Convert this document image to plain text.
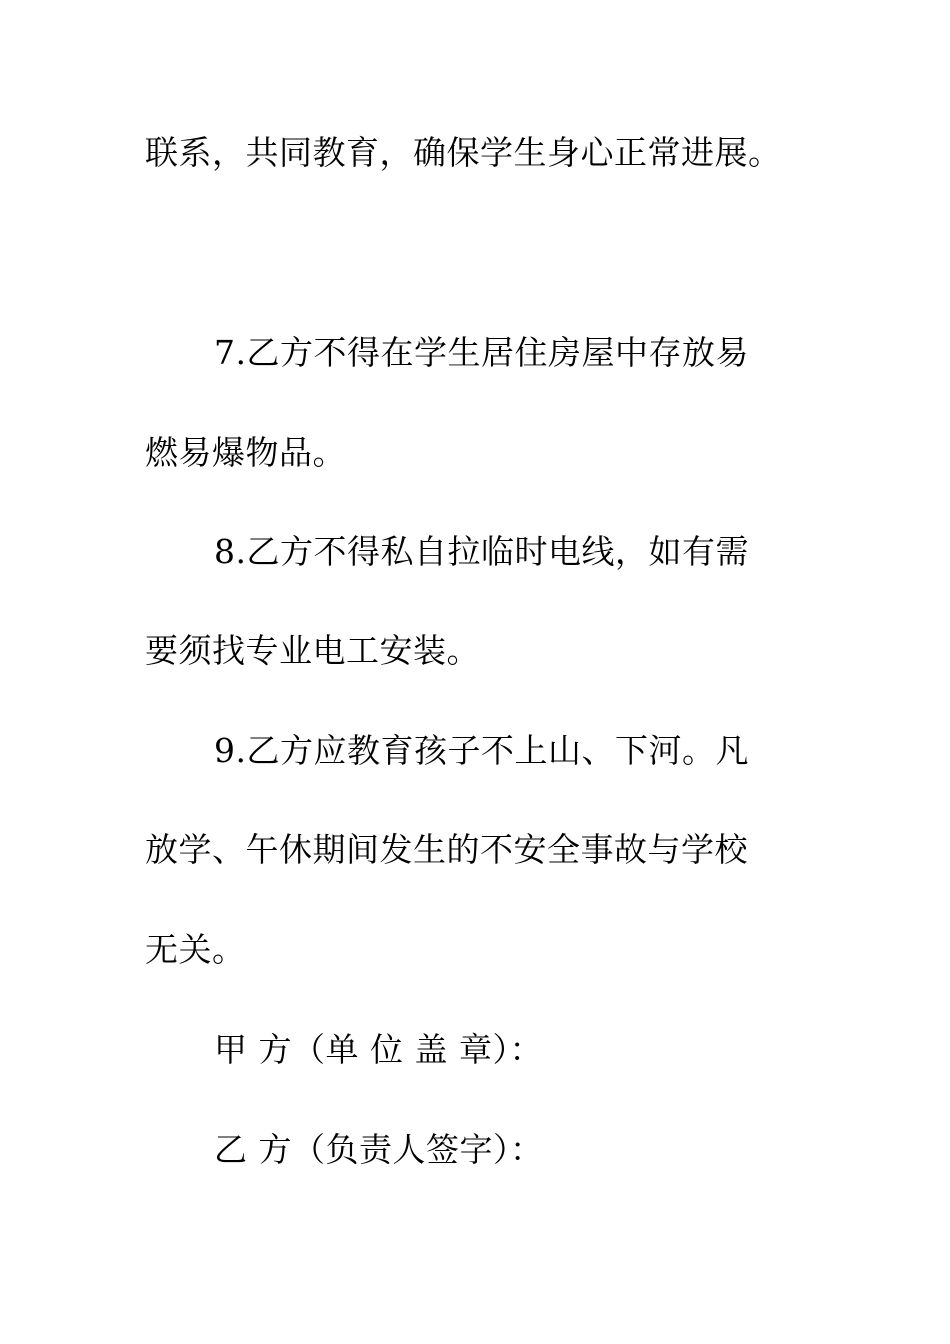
联系，共同教育，确保学生身心正常进展。
7.乙方不得在学生居住房屋中存放易
燃易爆物品。
8.乙方不得私自拉临时电线，如有需
要须找专业电工安装。
9.乙方应教育孩子不上山、下河。凡
放学、午休期间发生的不安全事故与学校
无关。
甲 方（单 位 盖 章）：
乙 方（负责人签字）：
